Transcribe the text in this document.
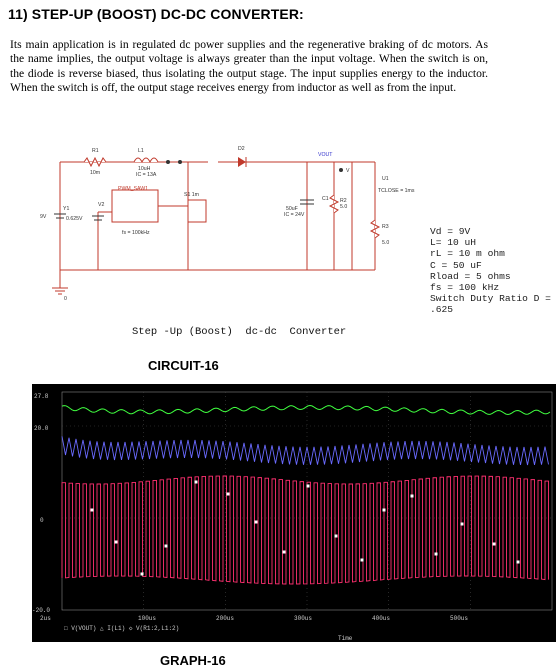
11) STEP-UP (BOOST) DC-DC CONVERTER:
Its main application is in regulated dc power supplies and the regenerative braking of dc motors. As the name implies, the output voltage is always greater than the input voltage. When the switch is on, the diode is reverse biased, thus isolating the output stage. The input supplies energy to the inductor. When the switch is off, the output stage receives energy from inductor as well as from the input.
R1
10m
L1
10uH
IC = 13A
D2
VOUT
V
U1
TCLOSE = 1ms
PWM_SAW1
S1 1m
Y1
0.625V
V2
9V
fs = 100kHz
C1
50uF
IC = 24V
R2
5.0
R3
5.0
0
Vd = 9V
L= 10 uH
rL = 10 m ohm
C = 50 uF
Rload = 5 ohms
fs = 100 kHz
Switch Duty Ratio D =
.625
Step -Up (Boost)  dc-dc  Converter
CIRCUIT-16
27.8
20.0
0
-20.0
2us	100us	200us	300us	400us	500us
□ V(VOUT) △ I(L1) ◇ V(R1:2,L1:2)
Time
GRAPH-16
